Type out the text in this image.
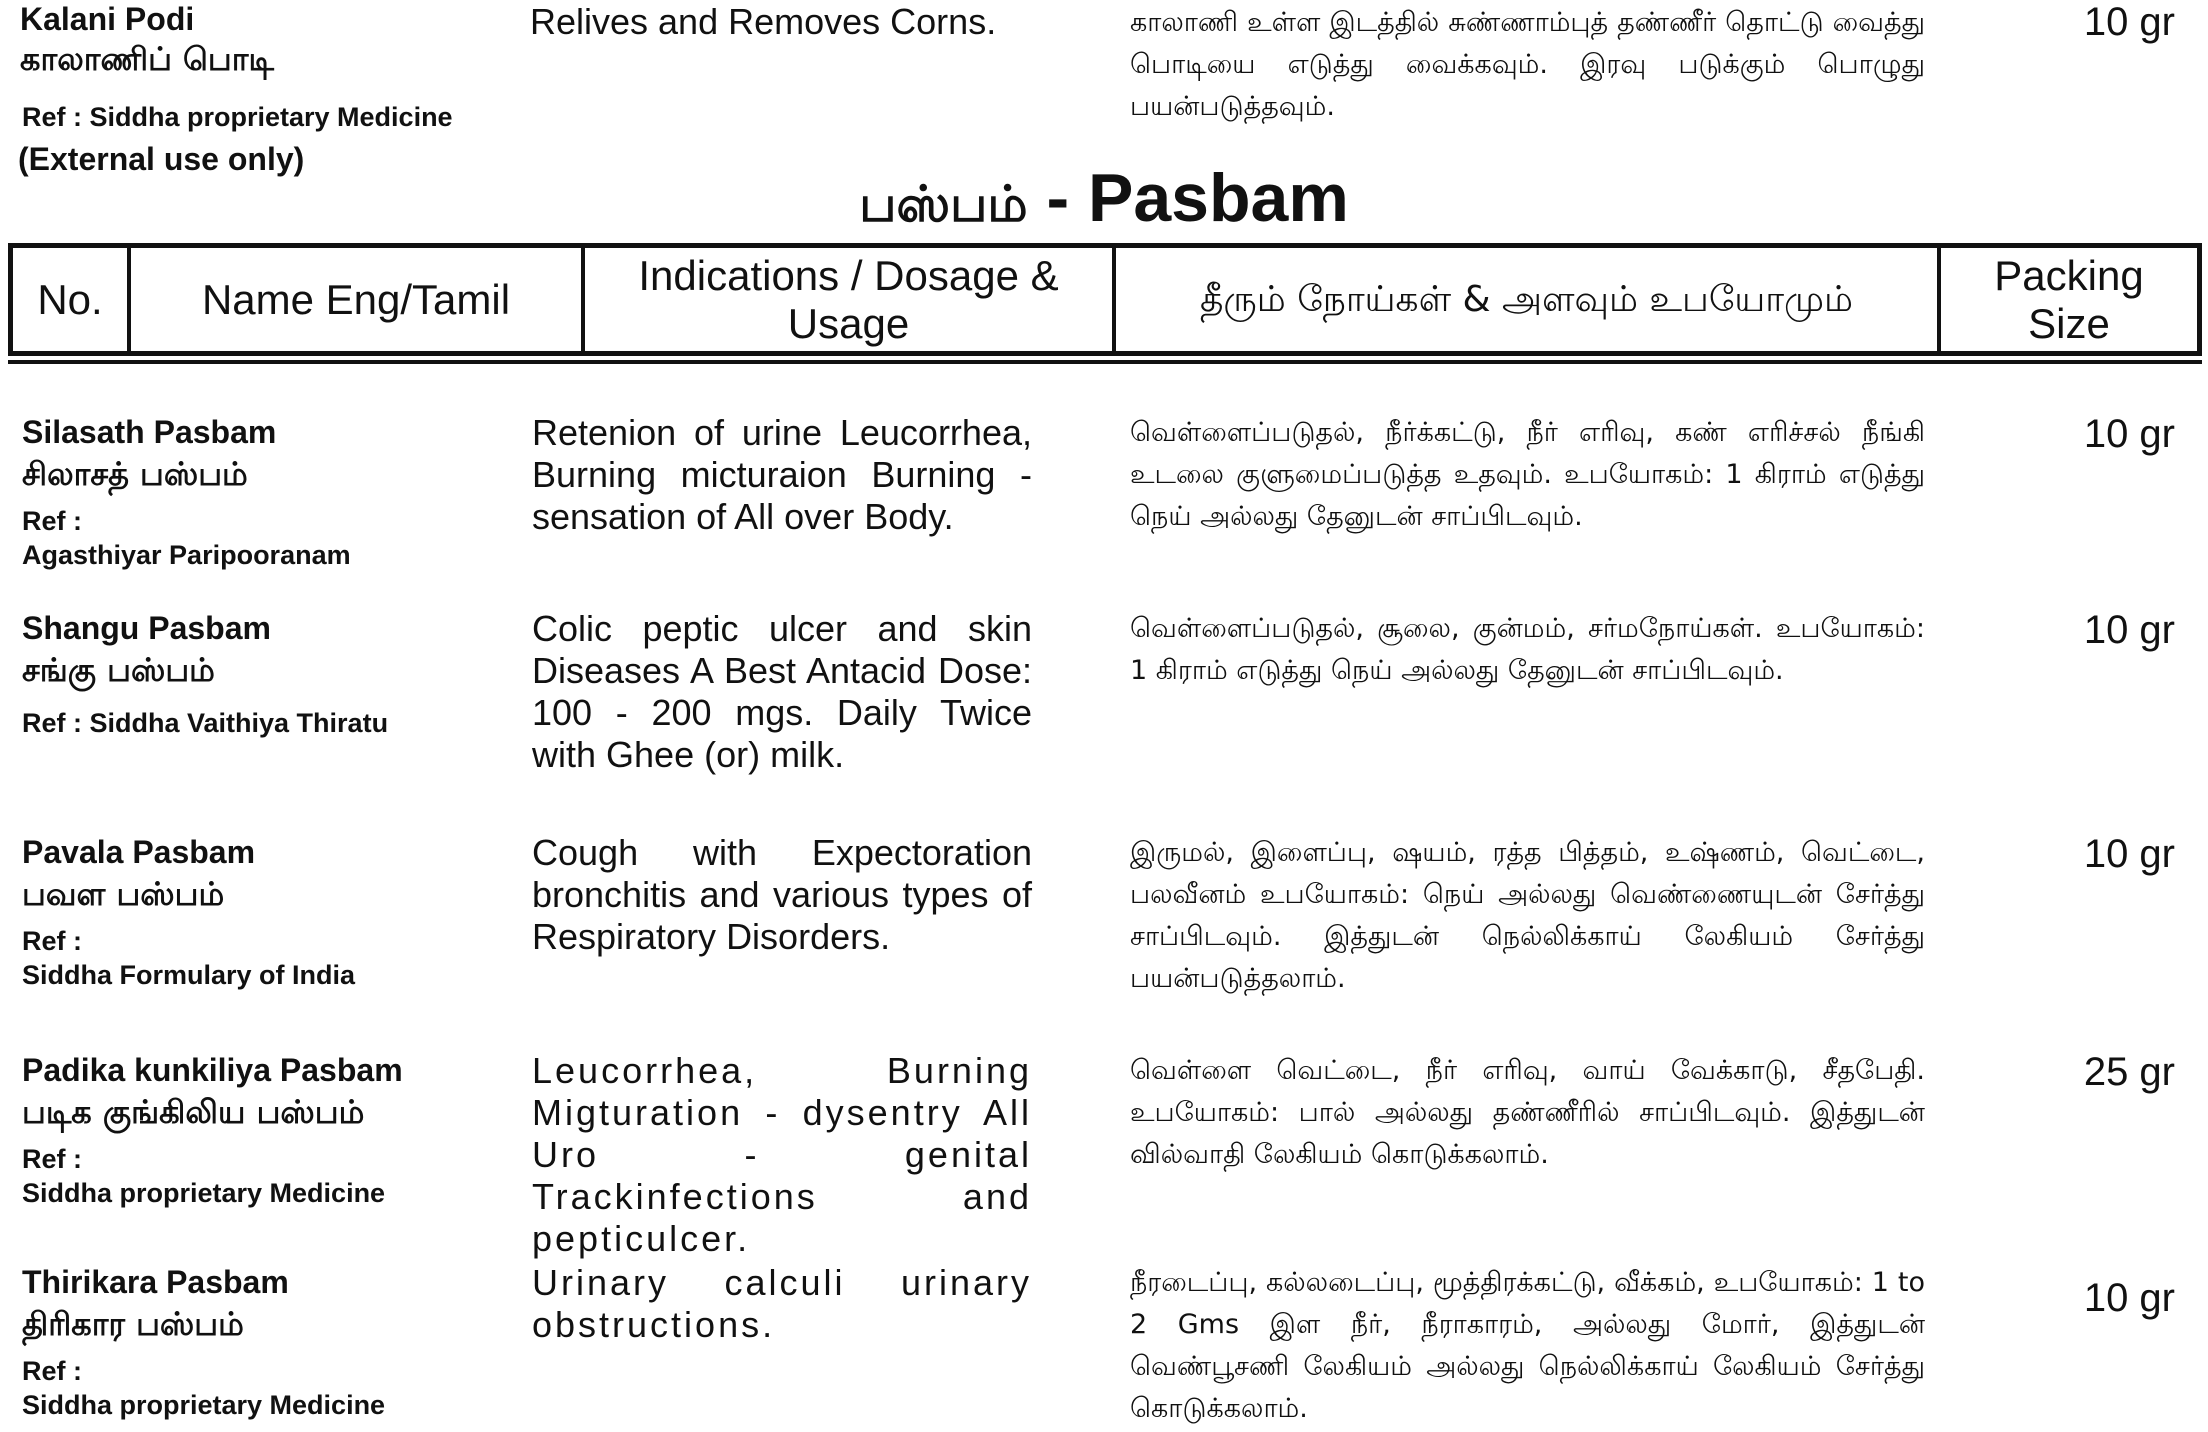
Kalani Podi
காலாணிப் பொடி
Ref : Siddha proprietary Medicine
(External use only)
Relives and Removes Corns.	காலாணி உள்ள இடத்தில் சுண்ணாம்புத் தண்ணீர் தொட்டு வைத்து பொடியை எடுத்து வைக்கவும். இரவு படுக்கும் பொழுது பயன்படுத்தவும்.
10 gr
பஸ்பம் - Pasbam
No.	Name Eng/Tamil
Indications / Dosage & Usage
தீரும் நோய்கள் & அளவும் உபயோமும்
Packing Size
Silasath Pasbam
சிலாசத் பஸ்பம்
Ref :
Agasthiyar Paripooranam
Retenion of urine Leucorrhea, Burning micturaion Burning - sensation of All over Body.
வெள்ளைப்படுதல், நீர்க்கட்டு, நீர் எரிவு, கண் எரிச்சல் நீங்கி உடலை குளுமைப்படுத்த உதவும். உபயோகம்: 1 கிராம் எடுத்து நெய் அல்லது தேனுடன் சாப்பிடவும்.
10 gr
Shangu Pasbam
சங்கு பஸ்பம்
Ref : Siddha Vaithiya Thiratu
Colic peptic ulcer and skin Diseases A Best Antacid Dose: 100 - 200 mgs. Daily Twice with Ghee (or) milk.
வெள்ளைப்படுதல், சூலை, குன்மம், சர்மநோய்கள். உபயோகம்: 1 கிராம் எடுத்து நெய் அல்லது தேனுடன் சாப்பிடவும்.
10 gr
Pavala Pasbam
பவள பஸ்பம்
Ref :
Siddha Formulary of India
Cough with Expectoration bronchitis and various types of Respiratory Disorders.
இருமல், இளைப்பு, ஷயம், ரத்த பித்தம், உஷ்ணம், வெட்டை, பலவீனம் உபயோகம்: நெய் அல்லது வெண்ணையுடன் சேர்த்து சாப்பிடவும். இத்துடன் நெல்லிக்காய் லேகியம் சேர்த்து பயன்படுத்தலாம்.
10 gr
Padika kunkiliya Pasbam
படிக குங்கிலிய பஸ்பம்
Ref :
Siddha proprietary Medicine
Leucorrhea, Burning Migturation - dysentry All Uro - genital Trackinfections and pepticulcer.
வெள்ளை வெட்டை, நீர் எரிவு, வாய் வேக்காடு, சீதபேதி. உபயோகம்: பால் அல்லது தண்ணீரில் சாப்பிடவும். இத்துடன் வில்வாதி லேகியம் கொடுக்கலாம்.
25 gr
Thirikara Pasbam
திரிகார பஸ்பம்
Ref :
Siddha proprietary Medicine
Urinary calculi urinary obstructions.
நீரடைப்பு, கல்லடைப்பு, மூத்திரக்கட்டு, வீக்கம், உபயோகம்: 1 to 2 Gms இள நீர், நீராகாரம், அல்லது மோர், இத்துடன் வெண்பூசணி லேகியம் அல்லது நெல்லிக்காய் லேகியம் சேர்த்து கொடுக்கலாம்.
10 gr
